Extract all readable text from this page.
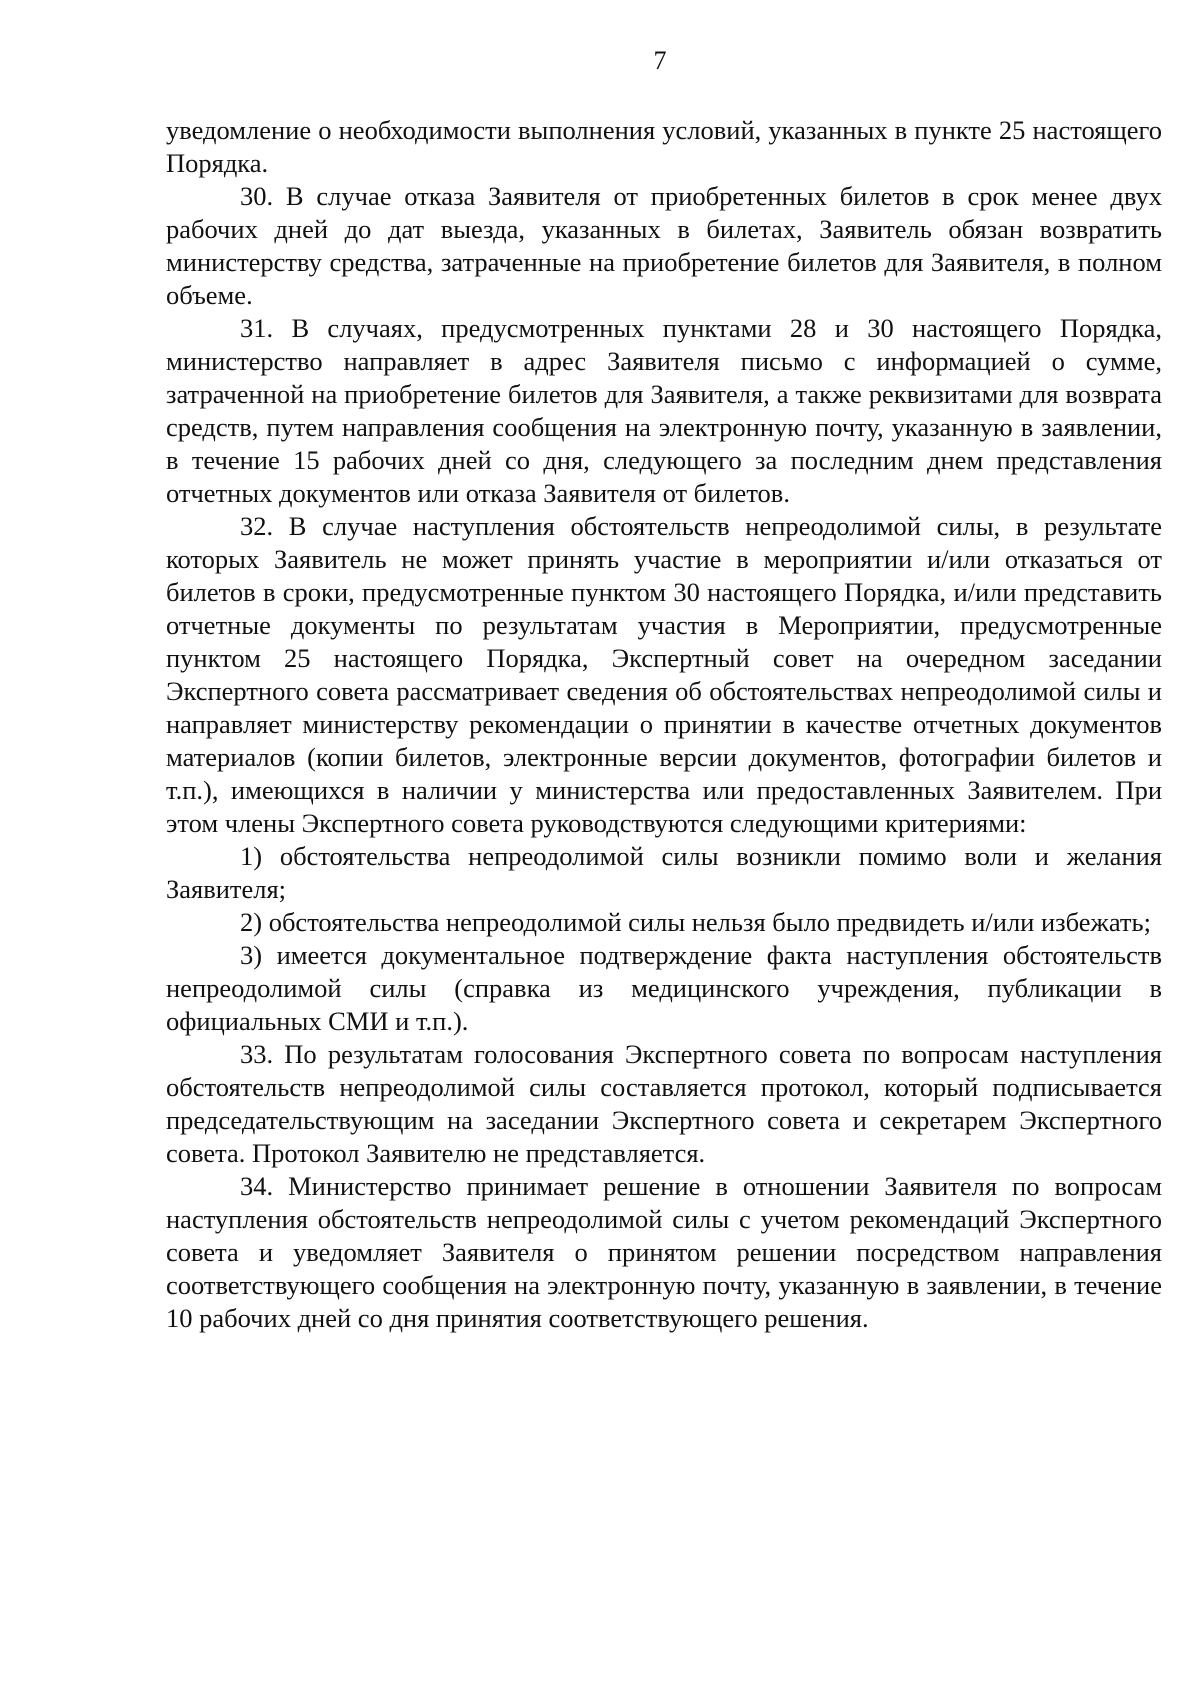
7

уведомление о необходимости выполнения условий, указанных в пункте 25 настоящего Порядка.

30. В случае отказа Заявителя от приобретенных билетов в срок менее двух рабочих дней до дат выезда, указанных в билетах, Заявитель обязан возвратить министерству средства, затраченные на приобретение билетов для Заявителя, в полном объеме.

31. В случаях, предусмотренных пунктами 28 и 30 настоящего Порядка, министерство направляет в адрес Заявителя письмо с информацией о сумме, затраченной на приобретение билетов для Заявителя, а также реквизитами для возврата средств, путем направления сообщения на электронную почту, указанную в заявлении, в течение 15 рабочих дней со дня, следующего за последним днем представления отчетных документов или отказа Заявителя от билетов.

32. В случае наступления обстоятельств непреодолимой силы, в результате которых Заявитель не может принять участие в мероприятии и/или отказаться от билетов в сроки, предусмотренные пунктом 30 настоящего Порядка, и/или представить отчетные документы по результатам участия в Мероприятии, предусмотренные пунктом 25 настоящего Порядка, Экспертный совет на очередном заседании Экспертного совета рассматривает сведения об обстоятельствах непреодолимой силы и направляет министерству рекомендации о принятии в качестве отчетных документов материалов (копии билетов, электронные версии документов, фотографии билетов и т.п.), имеющихся в наличии у министерства или предоставленных Заявителем. При этом члены Экспертного совета руководствуются следующими критериями:

1) обстоятельства непреодолимой силы возникли помимо воли и желания Заявителя;

2) обстоятельства непреодолимой силы нельзя было предвидеть и/или избежать;

3) имеется документальное подтверждение факта наступления обстоятельств непреодолимой силы (справка из медицинского учреждения, публикации в официальных СМИ и т.п.).

33. По результатам голосования Экспертного совета по вопросам наступления обстоятельств непреодолимой силы составляется протокол, который подписывается председательствующим на заседании Экспертного совета и секретарем Экспертного совета. Протокол Заявителю не представляется.

34. Министерство принимает решение в отношении Заявителя по вопросам наступления обстоятельств непреодолимой силы с учетом рекомендаций Экспертного совета и уведомляет Заявителя о принятом решении посредством направления соответствующего сообщения на электронную почту, указанную в заявлении, в течение 10 рабочих дней со дня принятия соответствующего решения.
